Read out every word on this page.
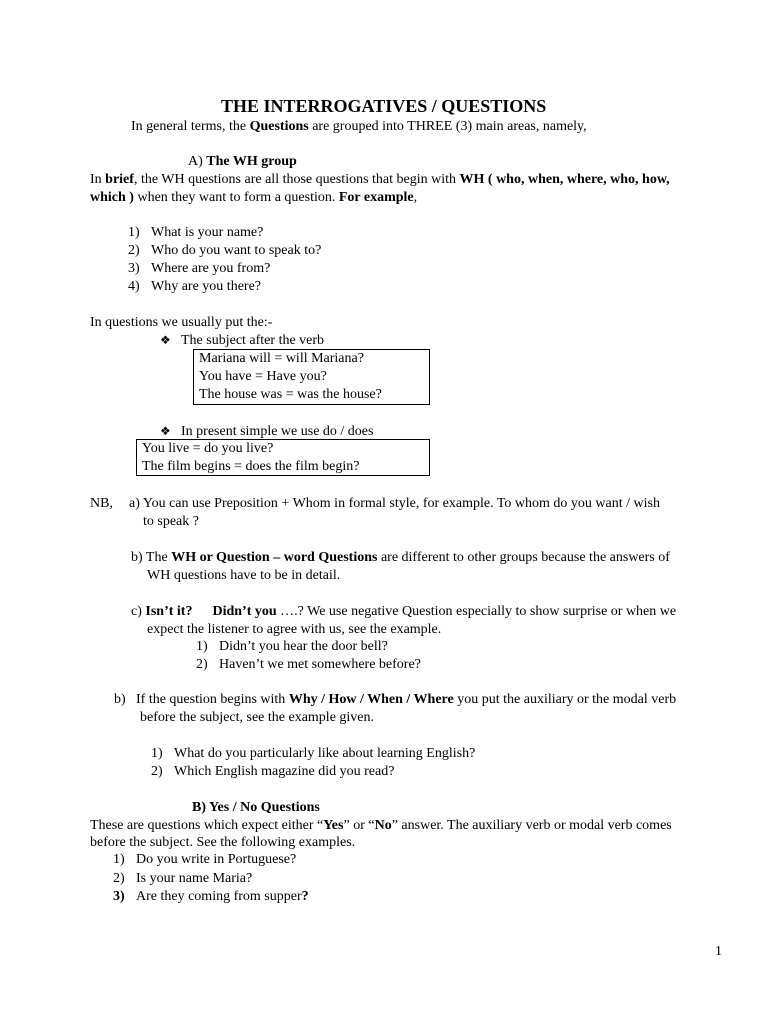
THE INTERROGATIVES / QUESTIONS
In general terms, the Questions are grouped into THREE (3) main areas, namely,
A) The WH group
In brief, the WH questions are all those questions that begin with WH ( who, when, where, who, how,
which ) when they want to form a question. For example,
1) What is your name?
2) Who do you want to speak to?
3) Where are you from?
4) Why are you there?
In questions we usually put the:-
❖ The subject after the verb
Mariana will = will Mariana?
You have = Have you?
The house was = was the house?
❖ In present simple we use do / does
You live = do you live?
The film begins = does the film begin?
NB, a) You can use Preposition + Whom in formal style, for example. To whom do you want / wish
to speak ?
b) The WH or Question – word Questions are different to other groups because the answers of
WH questions have to be in detail.
c) Isn’t it? Didn’t you ….? We use negative Question especially to show surprise or when we
expect the listener to agree with us, see the example.
1) Didn’t you hear the door bell?
2) Haven’t we met somewhere before?
b) If the question begins with Why / How / When / Where you put the auxiliary or the modal verb
before the subject, see the example given.
1) What do you particularly like about learning English?
2) Which English magazine did you read?
B) Yes / No Questions
These are questions which expect either “Yes” or “No” answer. The auxiliary verb or modal verb comes
before the subject. See the following examples.
1) Do you write in Portuguese?
2) Is your name Maria?
3) Are they coming from supper?
1
